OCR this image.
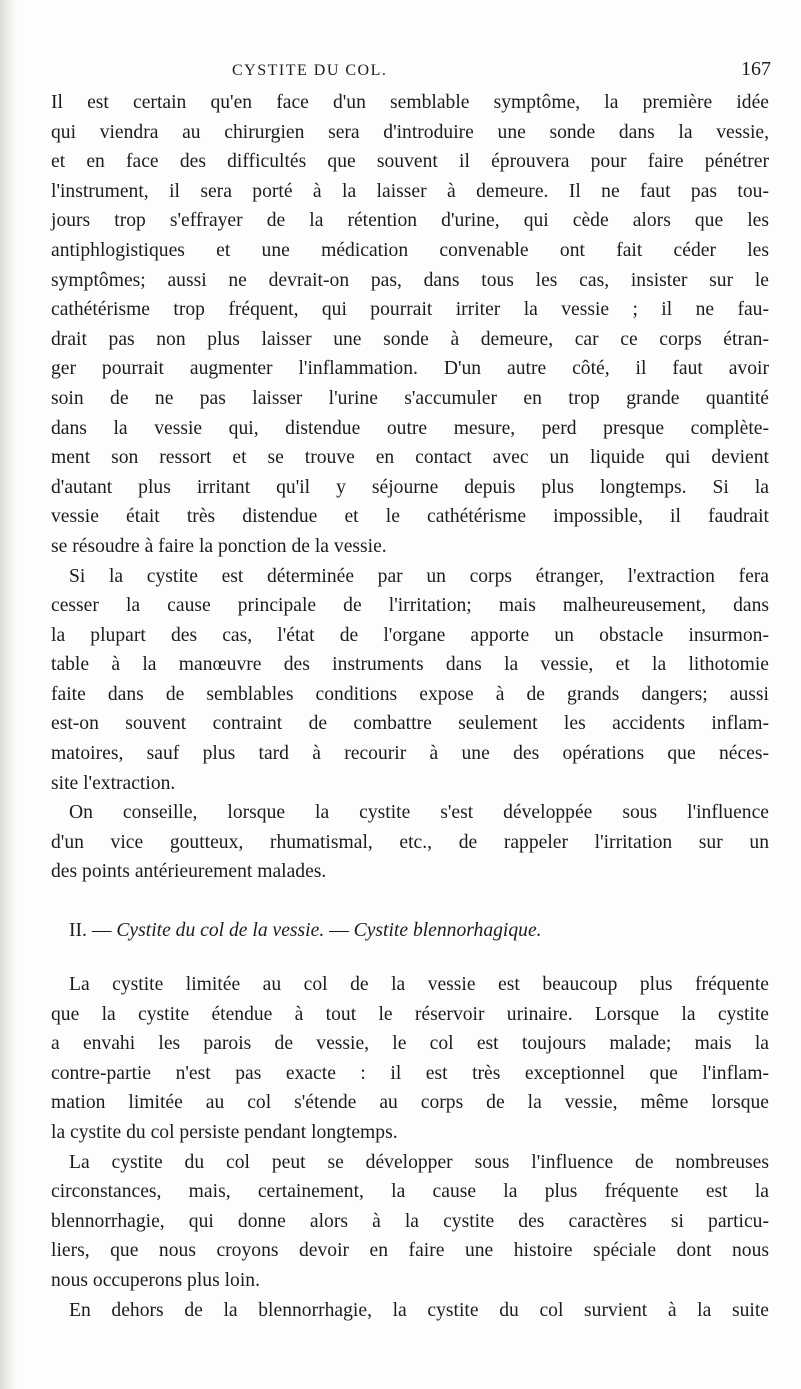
CYSTITE DU COL.	167

Il est certain qu'en face d'un semblable symptôme, la première idée
qui viendra au chirurgien sera d'introduire une sonde dans la vessie,
et en face des difficultés que souvent il éprouvera pour faire pénétrer
l'instrument, il sera porté à la laisser à demeure. Il ne faut pas tou-
jours trop s'effrayer de la rétention d'urine, qui cède alors que les
antiphlogistiques et une médication convenable ont fait céder les
symptômes; aussi ne devrait-on pas, dans tous les cas, insister sur le
cathétérisme trop fréquent, qui pourrait irriter la vessie ; il ne fau-
drait pas non plus laisser une sonde à demeure, car ce corps étran-
ger pourrait augmenter l'inflammation. D'un autre côté, il faut avoir
soin de ne pas laisser l'urine s'accumuler en trop grande quantité
dans la vessie qui, distendue outre mesure, perd presque complète-
ment son ressort et se trouve en contact avec un liquide qui devient
d'autant plus irritant qu'il y séjourne depuis plus longtemps. Si la
vessie était très distendue et le cathétérisme impossible, il faudrait
se résoudre à faire la ponction de la vessie.

Si la cystite est déterminée par un corps étranger, l'extraction fera
cesser la cause principale de l'irritation; mais malheureusement, dans
la plupart des cas, l'état de l'organe apporte un obstacle insurmon-
table à la manœuvre des instruments dans la vessie, et la lithotomie
faite dans de semblables conditions expose à de grands dangers; aussi
est-on souvent contraint de combattre seulement les accidents inflam-
matoires, sauf plus tard à recourir à une des opérations que néces-
site l'extraction.

On conseille, lorsque la cystite s'est développée sous l'influence
d'un vice goutteux, rhumatismal, etc., de rappeler l'irritation sur un
des points antérieurement malades.

II. — Cystite du col de la vessie. — Cystite blennorhagique.

La cystite limitée au col de la vessie est beaucoup plus fréquente
que la cystite étendue à tout le réservoir urinaire. Lorsque la cystite
a envahi les parois de vessie, le col est toujours malade; mais la
contre-partie n'est pas exacte : il est très exceptionnel que l'inflam-
mation limitée au col s'étende au corps de la vessie, même lorsque
la cystite du col persiste pendant longtemps.

La cystite du col peut se développer sous l'influence de nombreuses
circonstances, mais, certainement, la cause la plus fréquente est la
blennorrhagie, qui donne alors à la cystite des caractères si particu-
liers, que nous croyons devoir en faire une histoire spéciale dont nous
nous occuperons plus loin.

En dehors de la blennorrhagie, la cystite du col survient à la suite
